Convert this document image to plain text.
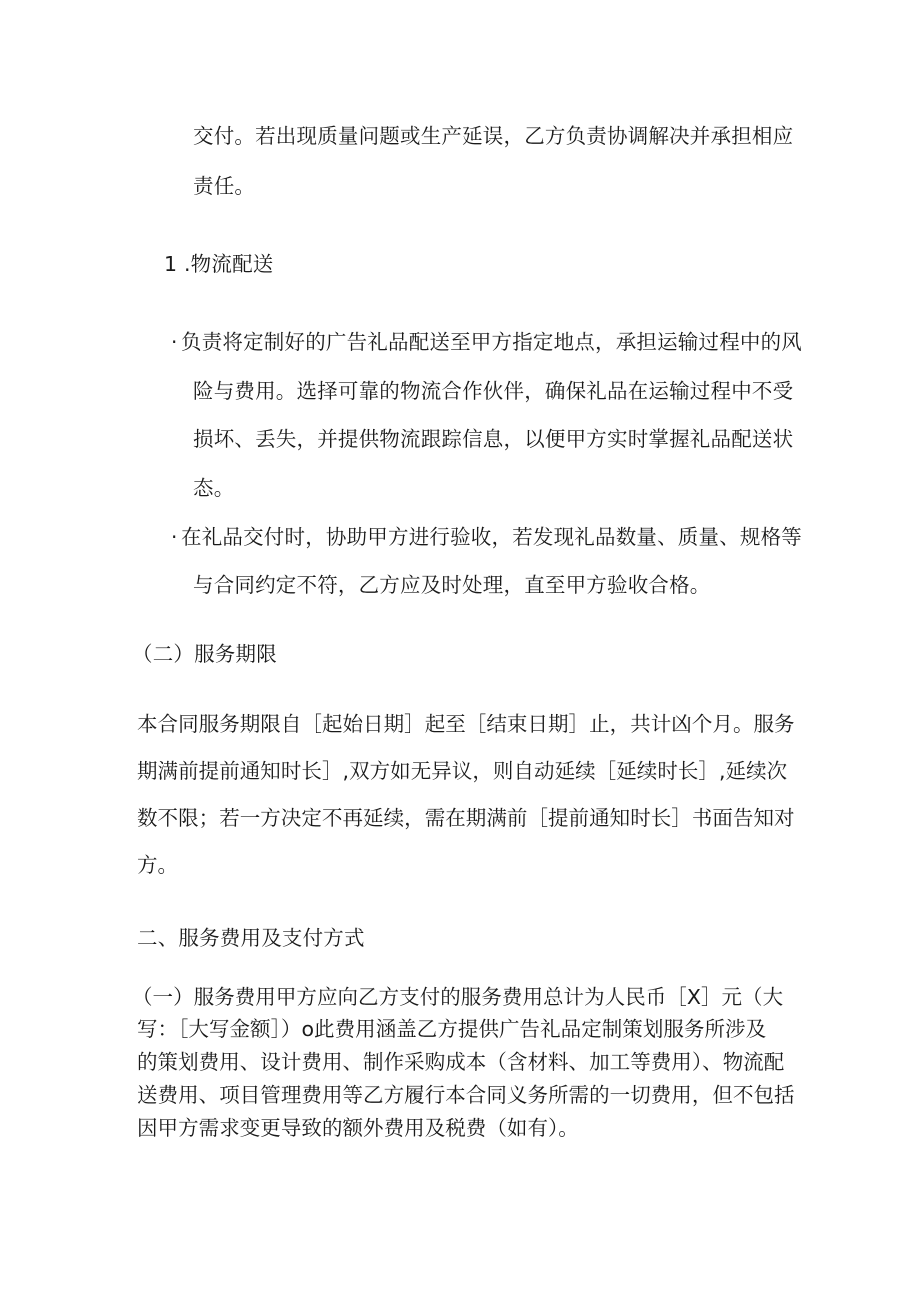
交付。若出现质量问题或生产延误，乙方负责协调解决并承担相应
责任。
1 .物流配送
· 负责将定制好的广告礼品配送至甲方指定地点，承担运输过程中的风
险与费用。选择可靠的物流合作伙伴，确保礼品在运输过程中不受
损坏、丢失，并提供物流跟踪信息，以便甲方实时掌握礼品配送状
态。
· 在礼品交付时，协助甲方进行验收，若发现礼品数量、质量、规格等
与合同约定不符，乙方应及时处理，直至甲方验收合格。
（二）服务期限
本合同服务期限自［起始日期］起至［结束日期］止，共计凶个月。服务
期满前提前通知时长］,双方如无异议，则自动延续［延续时长］,延续次
数不限；若一方决定不再延续，需在期满前［提前通知时长］书面告知对
方。
二、服务费用及支付方式
（一）服务费用甲方应向乙方支付的服务费用总计为人民币［X］元（大
写：［大写金额］）o此费用涵盖乙方提供广告礼品定制策划服务所涉及
的策划费用、设计费用、制作采购成本（含材料、加工等费用）、物流配
送费用、项目管理费用等乙方履行本合同义务所需的一切费用，但不包括
因甲方需求变更导致的额外费用及税费（如有）。
